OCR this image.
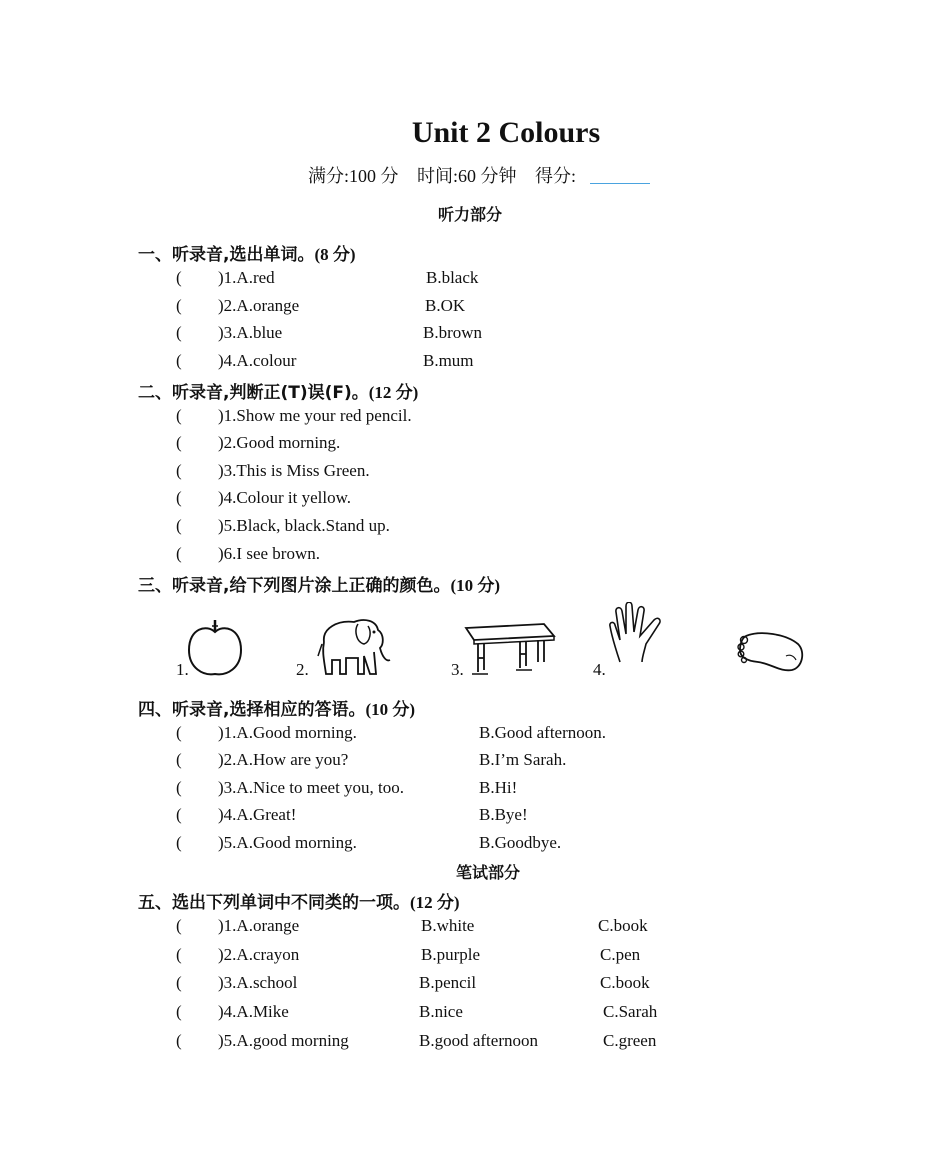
Unit 2 Colours
满分:100 分 时间:60 分钟 得分:
听力部分
一、听录音,选出单词。(8 分)
( )1.A.red	B.black
( )2.A.orange	B.OK
( )3.A.blue	B.brown
( )4.A.colour	B.mum
二、听录音,判断正(T)误(F)。(12 分)
( )1.Show me your red pencil.
( )2.Good morning.
( )3.This is Miss Green.
( )4.Colour it yellow.
( )5.Black, black.Stand up.
( )6.I see brown.
三、听录音,给下列图片涂上正确的颜色。(10 分)
1.	2.	3.	4.
四、听录音,选择相应的答语。(10 分)
( )1.A.Good morning.	B.Good afternoon.
( )2.A.How are you?	B.I’m Sarah.
( )3.A.Nice to meet you, too.	B.Hi!
( )4.A.Great!	B.Bye!
( )5.A.Good morning.	B.Goodbye.
笔试部分
五、选出下列单词中不同类的一项。(12 分)
( )1.A.orange	B.white	C.book
( )2.A.crayon	B.purple	C.pen
( )3.A.school	B.pencil	C.book
( )4.A.Mike	B.nice	C.Sarah
( )5.A.good morning	B.good afternoon	C.green
